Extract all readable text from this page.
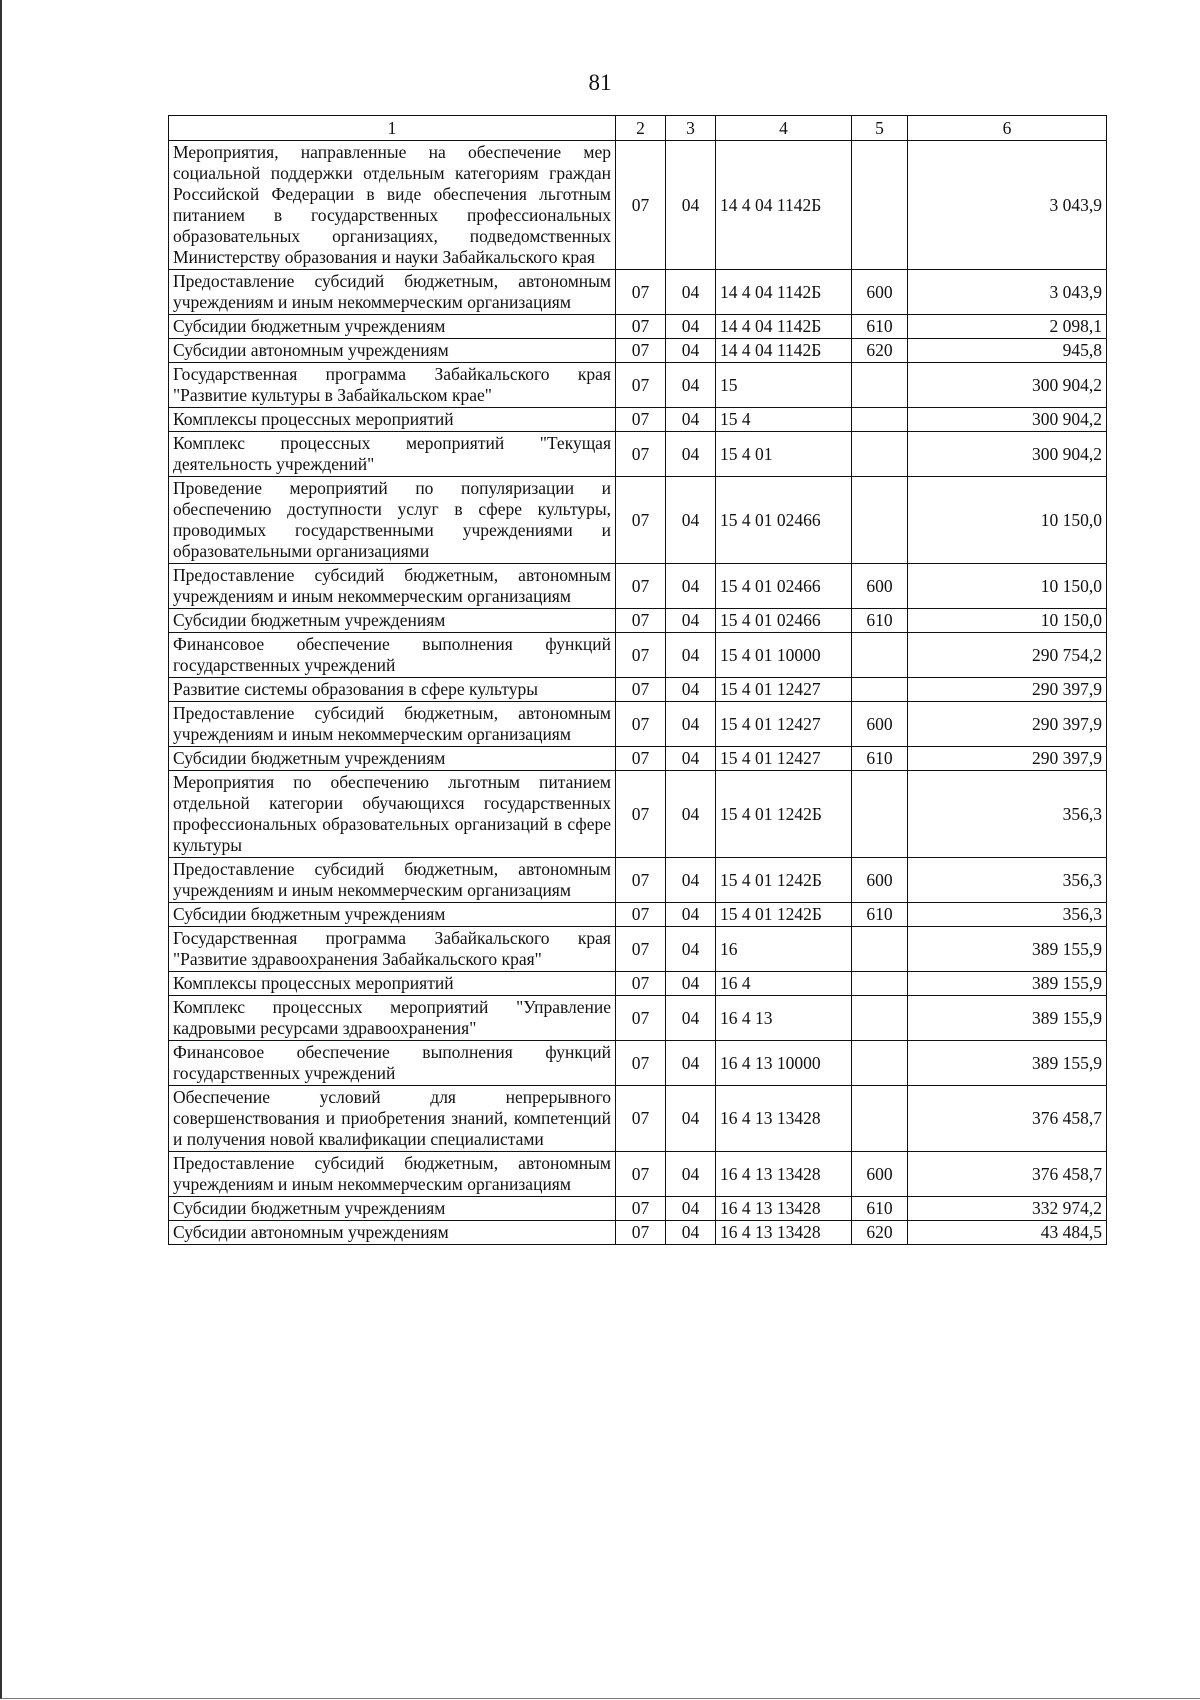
81
1	2	3	4	5	6
Мероприятия, направленные на обеспечение мер социальной поддержки отдельным категориям граждан Российской Федерации в виде обеспечения льготным питанием в государственных профессиональных образовательных организациях, подведомственных Министерству образования и науки Забайкальского края	07	04	14 4 04 1142Б		3 043,9
Предоставление субсидий бюджетным, автономным учреждениям и иным некоммерческим организациям	07	04	14 4 04 1142Б	600	3 043,9
Субсидии бюджетным учреждениям	07	04	14 4 04 1142Б	610	2 098,1
Субсидии автономным учреждениям	07	04	14 4 04 1142Б	620	945,8
Государственная программа Забайкальского края "Развитие культуры в Забайкальском крае"	07	04	15		300 904,2
Комплексы процессных мероприятий	07	04	15 4		300 904,2
Комплекс процессных мероприятий "Текущая деятельность учреждений"	07	04	15 4 01		300 904,2
Проведение мероприятий по популяризации и обеспечению доступности услуг в сфере культуры, проводимых государственными учреждениями и образовательными организациями	07	04	15 4 01 02466		10 150,0
Предоставление субсидий бюджетным, автономным учреждениям и иным некоммерческим организациям	07	04	15 4 01 02466	600	10 150,0
Субсидии бюджетным учреждениям	07	04	15 4 01 02466	610	10 150,0
Финансовое обеспечение выполнения функций государственных учреждений	07	04	15 4 01 10000		290 754,2
Развитие системы образования в сфере культуры	07	04	15 4 01 12427		290 397,9
Предоставление субсидий бюджетным, автономным учреждениям и иным некоммерческим организациям	07	04	15 4 01 12427	600	290 397,9
Субсидии бюджетным учреждениям	07	04	15 4 01 12427	610	290 397,9
Мероприятия по обеспечению льготным питанием отдельной категории обучающихся государственных профессиональных образовательных организаций в сфере культуры	07	04	15 4 01 1242Б		356,3
Предоставление субсидий бюджетным, автономным учреждениям и иным некоммерческим организациям	07	04	15 4 01 1242Б	600	356,3
Субсидии бюджетным учреждениям	07	04	15 4 01 1242Б	610	356,3
Государственная программа Забайкальского края "Развитие здравоохранения Забайкальского края"	07	04	16		389 155,9
Комплексы процессных мероприятий	07	04	16 4		389 155,9
Комплекс процессных мероприятий "Управление кадровыми ресурсами здравоохранения"	07	04	16 4 13		389 155,9
Финансовое обеспечение выполнения функций государственных учреждений	07	04	16 4 13 10000		389 155,9
Обеспечение условий для непрерывного совершенствования и приобретения знаний, компетенций и получения новой квалификации специалистами	07	04	16 4 13 13428		376 458,7
Предоставление субсидий бюджетным, автономным учреждениям и иным некоммерческим организациям	07	04	16 4 13 13428	600	376 458,7
Субсидии бюджетным учреждениям	07	04	16 4 13 13428	610	332 974,2
Субсидии автономным учреждениям	07	04	16 4 13 13428	620	43 484,5
